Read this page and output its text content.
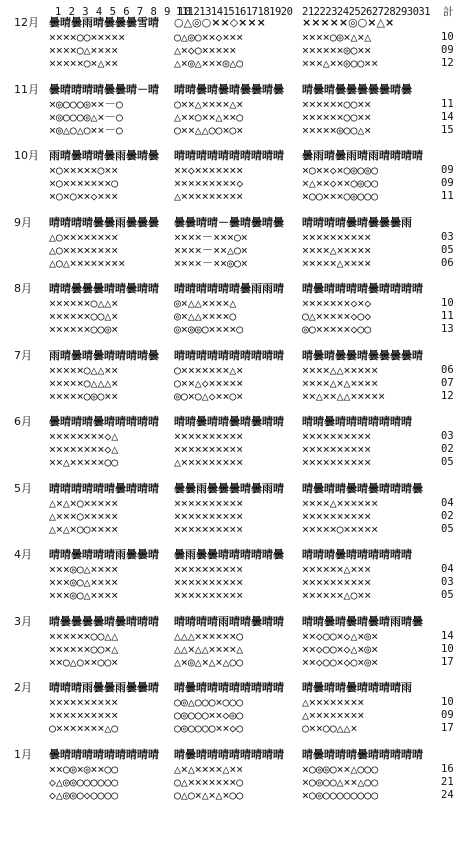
1 2 3 4 5 6 7 8 9 10
11121314151617181920 2122232425262728293031 計
12月 曇晴曇雨晴曇曇曇雪晴	○△◎○××◇×××	×××××◎○×△×
××××○○×××××	○△◎○××◇×××	××××○◎×△×△	10
××××○△××××	△×◇○×××××	××××××◎○××	09
×××××○×△××	△×◎△×××◎△○	×××△××◎○○××	12
11月 曇晴晴晴晴曇曇晴－晴	晴晴曇晴曇晴曇曇晴曇	晴曇晴曇曇曇曇曇晴曇
×◎○○○◎××－○	○××△××××△×	××××××○○××	11
×◎○○○◎△×－○	△××○××△××○	××××××○○××	14
×◎△○△○××－○	○××△△○○×○×	×××××◎○○△×	15
10月 雨晴曇晴晴曇雨曇晴曇	晴晴晴晴晴晴晴晴晴晴	曇雨晴曇雨晴雨晴晴晴晴
×○×××××○××	××◇×××××××	×○××◇×○◎○◎○	09
×○×××××××○	×××××××××◇	×△××◇××○◎○○	09
×○×○××◇×××	△×××××××××	×○○×××○◎○○○	11
9月 晴晴晴晴曇曇雨曇曇曇	曇曇晴晴－曇晴曇晴曇	晴晴晴晴曇晴曇曇曇雨
△○××××××××	××××－×××○×	××××××××××	03
△○××××××××	××××－××△○×	××××△×××××	05
△○△××××××××	××××－××◎○×	×××××△××××	06
8月 晴晴曇曇曇晴晴曇晴晴	晴晴晴晴晴晴曇雨雨晴	晴曇晴晴晴晴曇晴晴晴晴
××××××○△△×	◎×△△××××△	×××××××◇×◇	10
××××××○○△×	◎×△△××××○	○△×××××◇○◇	11
××××××○○◎×	◎×◎◎○××××○	◎○×××××◇○○	13
7月 雨晴曇晴曇晴晴晴晴曇	晴晴晴晴晴晴晴晴晴晴	晴曇晴曇曇晴曇曇曇曇晴
×××××○△△××	○×××××××△×	××××△△×××××	06
×××××○△△△×	○××△◇×××××	××××△×△××××	07
×××××○◎○××	◎○×○△◇××○×	××△××△△×××××	12
6月 曇晴晴晴曇晴晴晴晴晴	晴晴曇晴晴曇晴曇晴晴	晴晴曇晴晴晴晴晴晴晴
××××××××◇△	××××××××××	××××××××××	03
××××××××◇△	××××××××××	××××××××××	02
××△×××××○○	△×××××××××	××××××××××	05
5月 晴晴晴晴晴晴曇晴晴晴	曇曇雨曇曇曇晴曇雨晴	晴曇晴晴曇晴曇晴晴晴曇
△×△×○×××××	××××××××××	××××△××××××	04
△×××○×××××	××××××××××	××××××××××	02
△×△×○○××××	××××××××××	×××××○×××××	05
4月 晴晴曇晴晴晴雨曇曇晴	曇雨曇曇晴晴晴晴晴曇	晴晴晴曇晴晴晴晴晴晴
×××◎○△××××	××××××××××	××××××△×××	04
×××◎○△××××	××××××××××	××××××××××	03
×××◎○△××××	××××××××××	××××××△○××	05
3月 晴曇曇曇曇晴曇晴晴晴	晴晴晴晴雨晴晴曇晴晴	晴晴曇晴曇晴曇晴雨晴曇
××××××○○△△	△△△××××××○	××◇○○×◇△×◎×	14
××××××○○×△	△△×△△××××△	××◇○○×◇△×◎×	10
××○△○××○○×	△×◎△×△×△○○	××◇○○×◇○×◎×	17
2月 晴晴晴雨曇曇雨曇曇晴	晴曇晴晴晴晴晴晴晴晴	晴曇晴晴曇晴晴晴晴雨
××××××××××	○◎△○○○×○○○	△××××××××	10
××××××××××	○◎○○○××◇◎○	△××××××××	09
○×××××××△○	○◎○○○○××◇○	○××○○△△×	17
1月 曇晴晴晴晴晴晴晴晴晴	晴曇晴晴晴晴晴晴晴晴	晴曇晴晴晴曇晴晴晴晴晴
××○◎×◎××○○	△×△××××△××	×○◎◎○××△○○○	16
◇△◎◎○○○○○○	○△×××××××○	×○◎○○△××△○○	21
◇△◎◎○◇○○○○	○△○×△×△×○○	×○◎○○○○○○○○	24
